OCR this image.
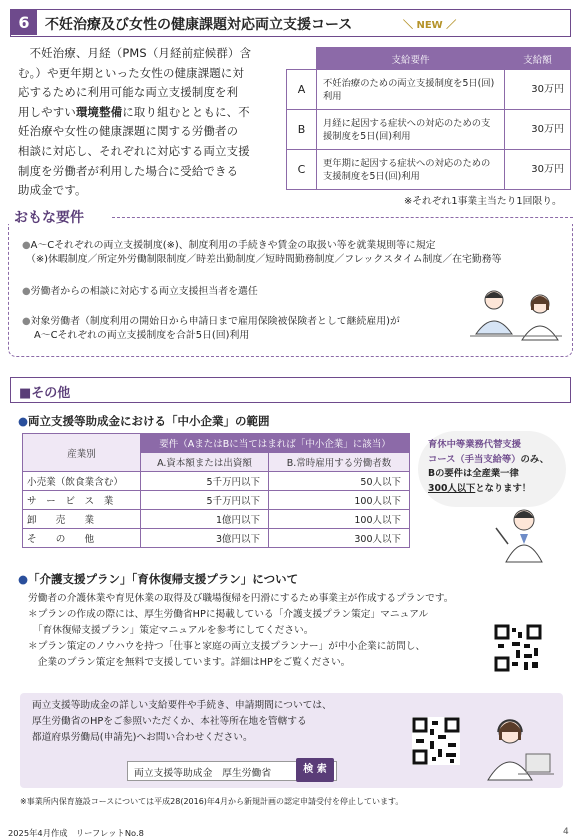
6	不妊治療及び女性の健康課題対応両立支援コース	＼ NEW ／
　不妊治療、月経（PMS（月経前症候群）含
む。）や更年期といった女性の健康課題に対
応するために利用可能な両立支援制度を利
用しやすい環境整備に取り組むとともに、不
妊治療や女性の健康課題に関する労働者の
相談に対応し、それぞれに対応する両立支援
制度を労働者が利用した場合に受給できる
助成金です。
	支給要件	支給額
A	不妊治療のための両立支援制度を5日(回)利用	30万円
B	月経に起因する症状への対応のための支援制度を5日(回)利用	30万円
C	更年期に起因する症状への対応のための支援制度を5日(回)利用	30万円
※それぞれ1事業主当たり1回限り。
おもな要件
●A～Cそれぞれの両立支援制度(※)、制度利用の手続きや賃金の取扱い等を就業規則等に規定
（※)休暇制度／所定外労働制限制度／時差出勤制度／短時間勤務制度／フレックスタイム制度／在宅勤務等
●労働者からの相談に対応する両立支援担当者を選任
●対象労働者（制度利用の開始日から申請日まで雇用保険被保険者として継続雇用)が
A～Cそれぞれの両立支援制度を合計5日(回)利用
■その他
●両立支援等助成金における「中小企業」の範囲
産業別	要件（AまたはBに当てはまれば「中小企業」に該当）	
	A.資本額または出資額	B.常時雇用する労働者数
小売業（飲食業含む）	5千万円以下	50人以下
サ　ー　ビ　ス　業	5千万円以下	100人以下
卸　　売　　業	1億円以下	100人以下
そ　　の　　他	3億円以下	300人以下
育休中等業務代替支援
コース（手当支給等）のみ、
Bの要件は全産業一律
300人以下となります！
●「介護支援プラン」「育休復帰支援プラン」について
労働者の介護休業や育児休業の取得及び職場復帰を円滑にするため事業主が作成するプランです。
＊プランの作成の際には、厚生労働省HPに掲載している「介護支援プラン策定」マニュアル
　「育休復帰支援プラン」策定マニュアルを参考にしてください。
＊プラン策定のノウハウを持つ「仕事と家庭の両立支援プランナー」が中小企業に訪問し、
　企業のプラン策定を無料で支援しています。詳細はHPをご覧ください。
両立支援等助成金の詳しい支給要件や手続き、申請期間については、
厚生労働省のHPをご参照いただくか、本社等所在地を管轄する
都道府県労働局(申請先)へお問い合わせください。
両立支援等助成金　厚生労働省	検 索
※事業所内保育施設コースについては平成28(2016)年4月から新規計画の認定申請受付を停止しています。
2025年4月作成　リーフレットNo.8	4
